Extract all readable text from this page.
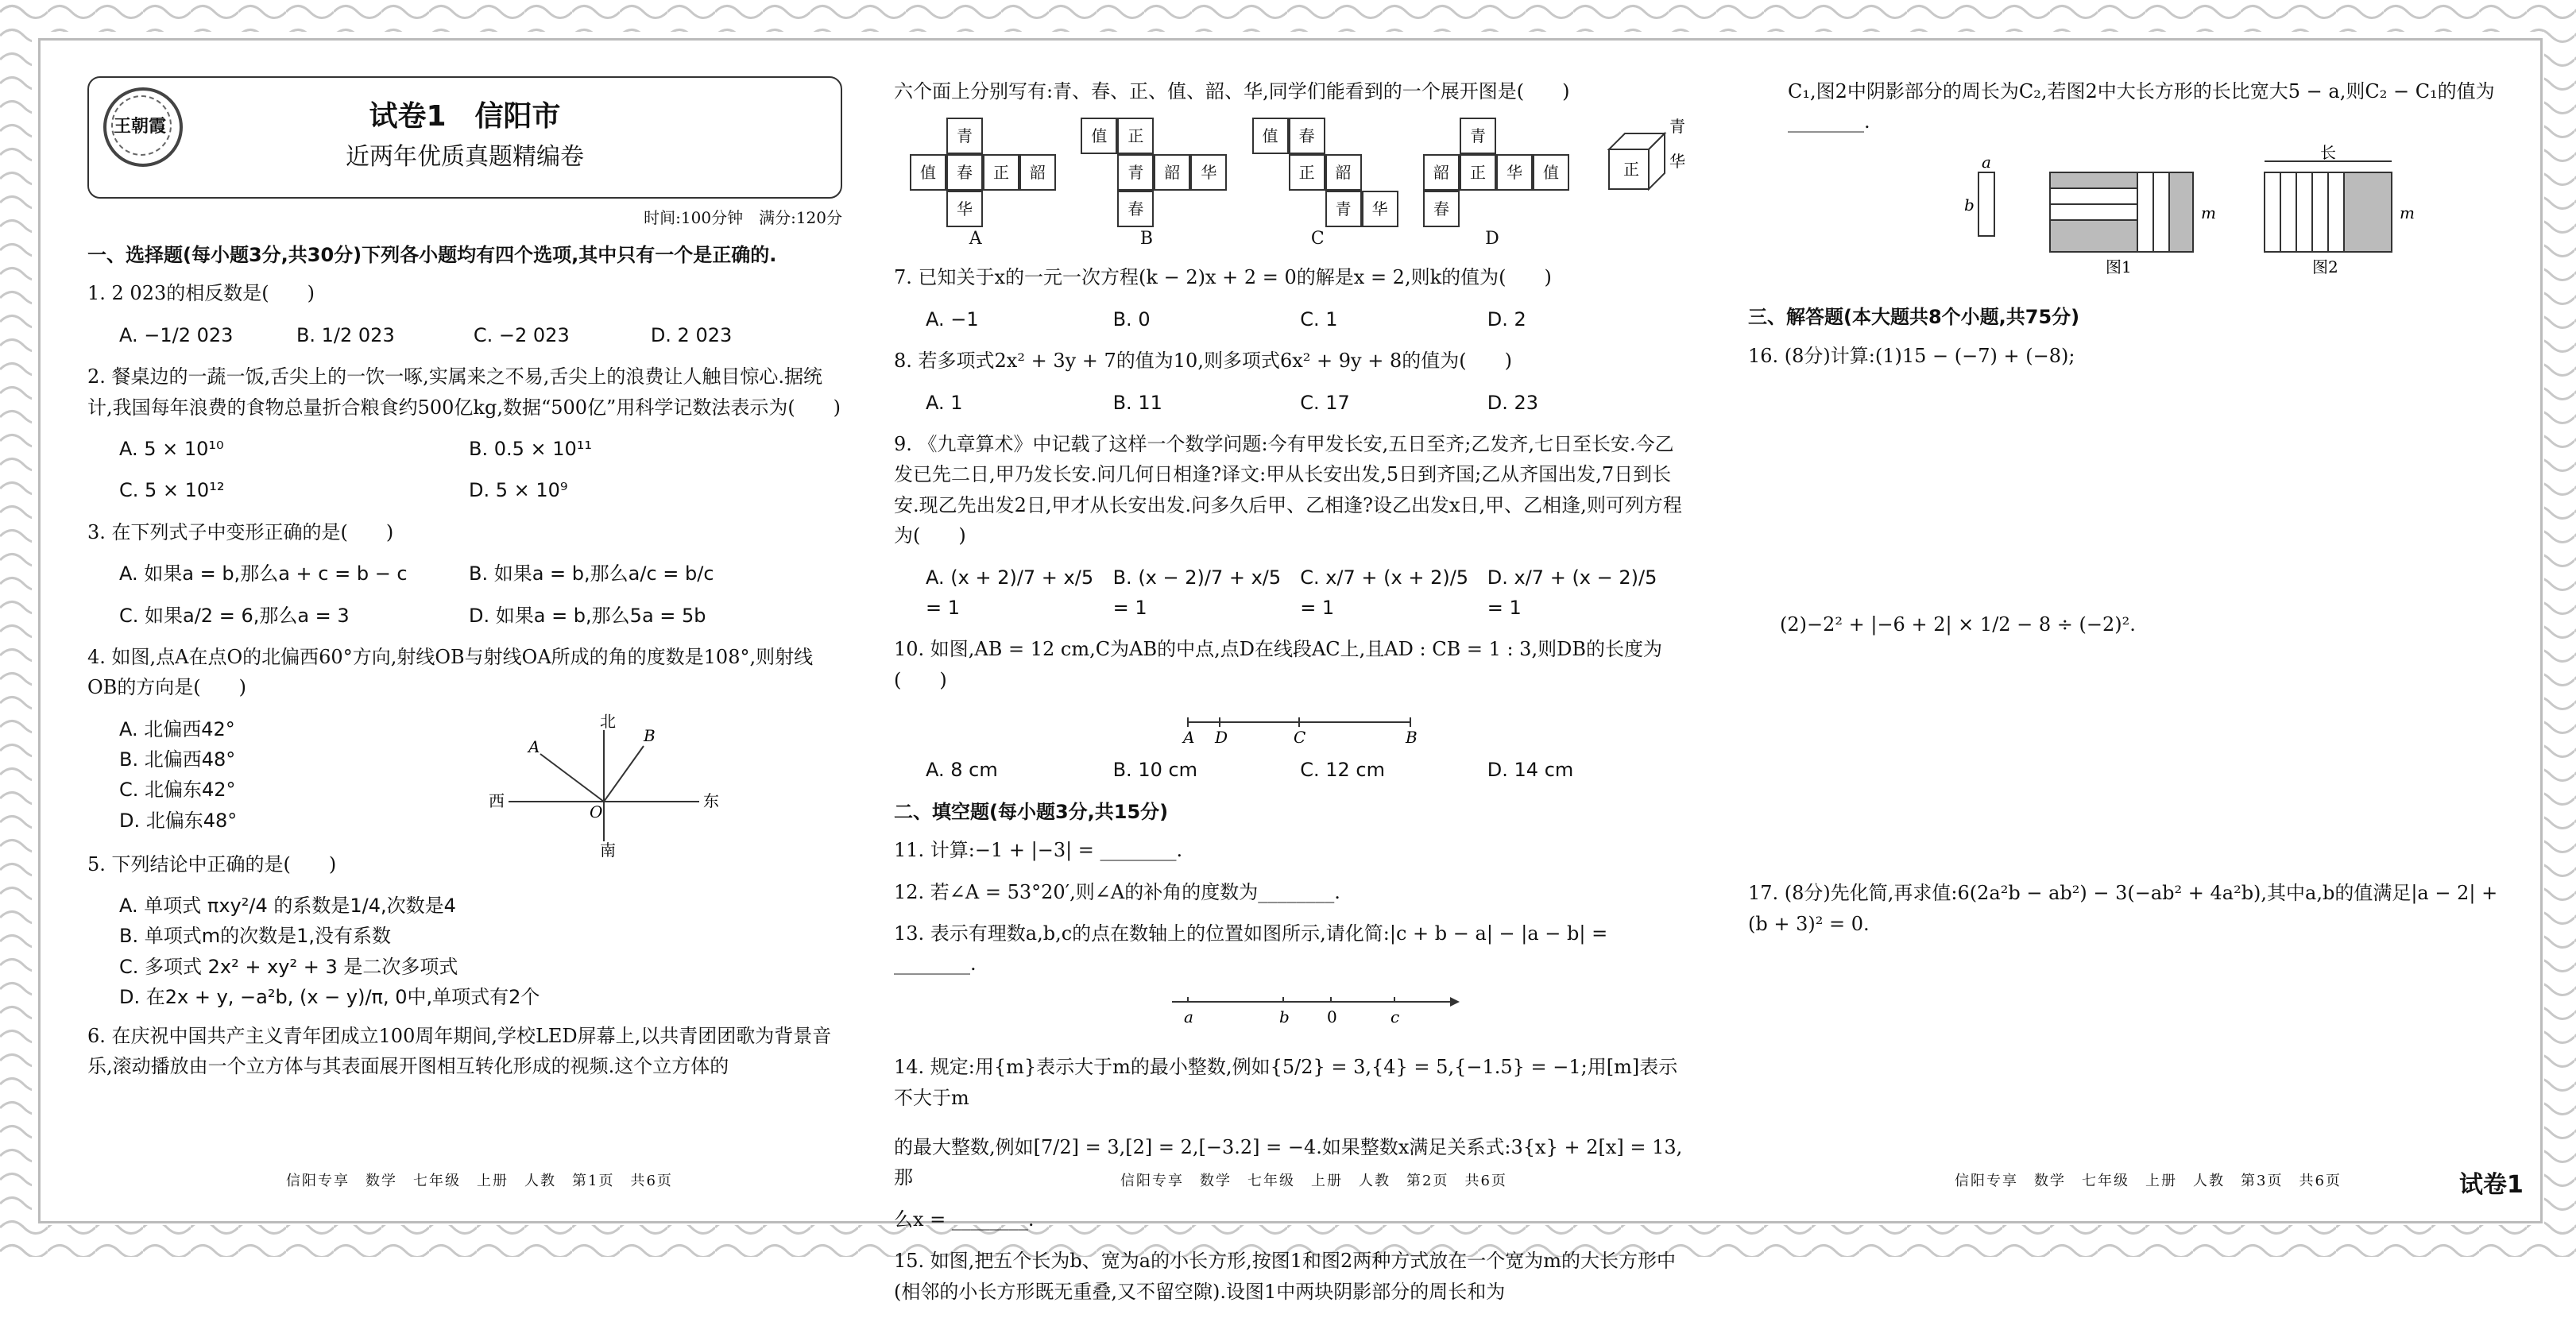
王朝霞	试卷1　信阳市
近两年优质真题精编卷
时间:100分钟　满分:120分
一、选择题(每小题3分,共30分)下列各小题均有四个选项,其中只有一个是正确的.
1. 2 023的相反数是(　　)
A. −1/2 023	B. 1/2 023	C. −2 023	D. 2 023
2. 餐桌边的一蔬一饭,舌尖上的一饮一啄,实属来之不易,舌尖上的浪费让人触目惊心.据统计,我国每年浪费的食物总量折合粮食约500亿kg,数据“500亿”用科学记数法表示为(　　)
A. 5 × 10¹⁰	B. 0.5 × 10¹¹
C. 5 × 10¹²	D. 5 × 10⁹
3. 在下列式子中变形正确的是(　　)
A. 如果a = b,那么a + c = b − c	B. 如果a = b,那么a/c = b/c
C. 如果a/2 = 6,那么a = 3	D. 如果a = b,那么5a = 5b
4. 如图,点A在点O的北偏西60°方向,射线OB与射线OA所成的角的度数是108°,则射线OB的方向是(　　)
A. 北偏西42°
B. 北偏西48°
C. 北偏东42°
D. 北偏东48°
北
南
西	东
A
B
O
5. 下列结论中正确的是(　　)
A. 单项式 πxy²/4 的系数是1/4,次数是4
B. 单项式m的次数是1,没有系数
C. 多项式 2x² + xy² + 3 是二次多项式
D. 在2x + y, −a²b, (x − y)/π, 0中,单项式有2个
6. 在庆祝中国共产主义青年团成立100周年期间,学校LED屏幕上,以共青团团歌为背景音乐,滚动播放由一个立方体与其表面展开图相互转化形成的视频.这个立方体的
信阳专享　数学　七年级　上册　人教　第1页　共6页
六个面上分别写有:青、春、正、值、韶、华,同学们能看到的一个展开图是(　　)
青
值	春	正	韶
华
A
值	正
青	韶	华
春
B
值	春
正	韶
青	华
C
青
韶	正	华	值
春
D
正
青
华
7. 已知关于x的一元一次方程(k − 2)x + 2 = 0的解是x = 2,则k的值为(　　)
A. −1	B. 0	C. 1	D. 2
8. 若多项式2x² + 3y + 7的值为10,则多项式6x² + 9y + 8的值为(　　)
A. 1	B. 11	C. 17	D. 23
9. 《九章算术》中记载了这样一个数学问题:今有甲发长安,五日至齐;乙发齐,七日至长安.今乙发已先二日,甲乃发长安.问几何日相逢?译文:甲从长安出发,5日到齐国;乙从齐国出发,7日到长安.现乙先出发2日,甲才从长安出发.问多久后甲、乙相逢?设乙出发x日,甲、乙相逢,则可列方程为(　　)
A. (x + 2)/7 + x/5 = 1
B. (x − 2)/7 + x/5 = 1
C. x/7 + (x + 2)/5 = 1
D. x/7 + (x − 2)/5 = 1
10. 如图,AB = 12 cm,C为AB的中点,点D在线段AC上,且AD : CB = 1 : 3,则DB的长度为(　　)
A D	C	B
A. 8 cm	B. 10 cm	C. 12 cm	D. 14 cm
二、填空题(每小题3分,共15分)
11. 计算:−1 + |−3| = ________.
12. 若∠A = 53°20′,则∠A的补角的度数为________.
13. 表示有理数a,b,c的点在数轴上的位置如图所示,请化简:|c + b − a| − |a − b| = ________.
a	b 0	c
14. 规定:用{m}表示大于m的最小整数,例如{5/2} = 3,{4} = 5,{−1.5} = −1;用[m]表示不大于m
的最大整数,例如[7/2] = 3,[2] = 2,[−3.2] = −4.如果整数x满足关系式:3{x} + 2[x] = 13,那
么x = ________.
15. 如图,把五个长为b、宽为a的小长方形,按图1和图2两种方式放在一个宽为m的大长方形中(相邻的小长方形既无重叠,又不留空隙).设图1中两块阴影部分的周长和为
信阳专享　数学　七年级　上册　人教　第2页　共6页
C₁,图2中阴影部分的周长为C₂,若图2中大长方形的长比宽大5 − a,则C₂ − C₁的值为________.
a
b	m
图1
长
m
图2
三、解答题(本大题共8个小题,共75分)
16. (8分)计算:(1)15 − (−7) + (−8);
(2)−2² + |−6 + 2| × 1/2 − 8 ÷ (−2)².
17. (8分)先化简,再求值:6(2a²b − ab²) − 3(−ab² + 4a²b),其中a,b的值满足|a − 2| + (b + 3)² = 0.
信阳专享　数学　七年级　上册　人教　第3页　共6页	试卷1
